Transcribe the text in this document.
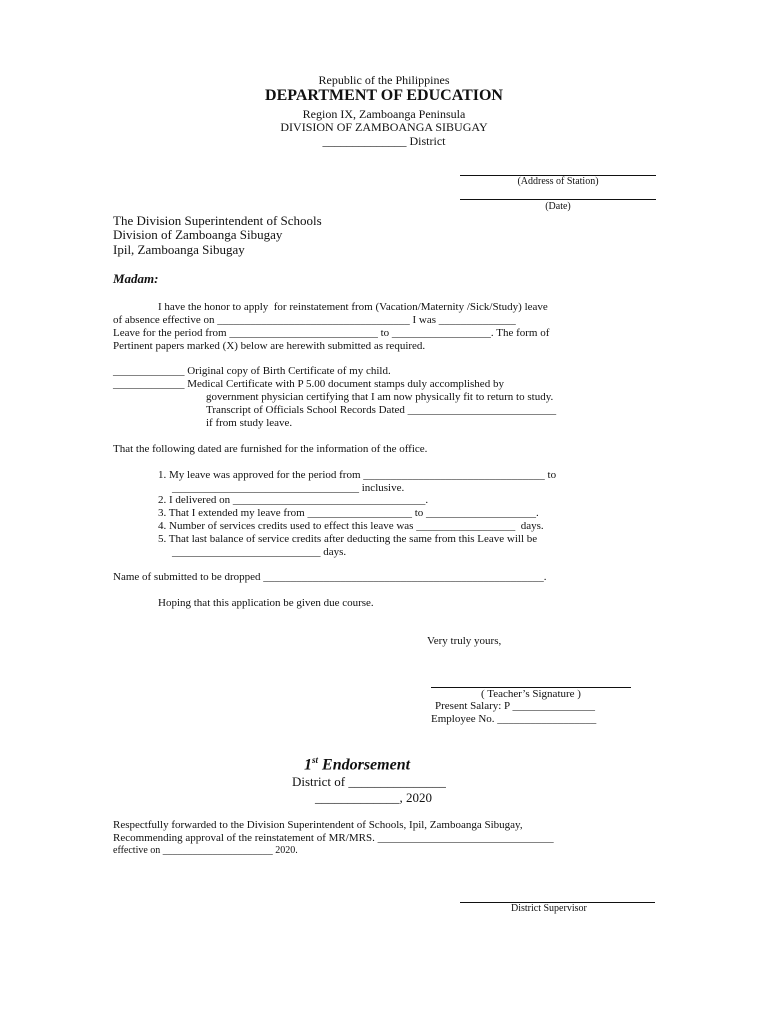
Republic of the Philippines
DEPARTMENT OF EDUCATION
Region IX, Zamboanga Peninsula
DIVISION OF ZAMBOANGA SIBUGAY
______________ District
(Address of Station)
(Date)
The Division Superintendent of Schools
Division of Zamboanga Sibugay
Ipil, Zamboanga Sibugay
Madam:
I have the honor to apply  for reinstatement from (Vacation/Maternity /Sick/Study) leave
of absence effective on ___________________________________ I was ______________
Leave for the period from ___________________________ to __________________. The form of
Pertinent papers marked (X) below are herewith submitted as required.
_____________ Original copy of Birth Certificate of my child.
_____________ Medical Certificate with P 5.00 document stamps duly accomplished by
government physician certifying that I am now physically fit to return to study.
Transcript of Officials School Records Dated ___________________________
if from study leave.
That the following dated are furnished for the information of the office.
1. My leave was approved for the period from _________________________________ to
__________________________________ inclusive.
2. I delivered on ___________________________________.
3. That I extended my leave from ___________________ to ____________________.
4. Number of services credits used to effect this leave was __________________  days.
5. That last balance of service credits after deducting the same from this Leave will be
___________________________ days.
Name of submitted to be dropped ___________________________________________________.
Hoping that this application be given due course.
Very truly yours,
( Teacher’s Signature )
Present Salary: P _______________
Employee No. __________________
1st Endorsement
District of _______________
_____________, 2020
Respectfully forwarded to the Division Superintendent of Schools, Ipil, Zamboanga Sibugay,
Recommending approval of the reinstatement of MR/MRS. ________________________________
effective on ______________________ 2020.
District Supervisor
